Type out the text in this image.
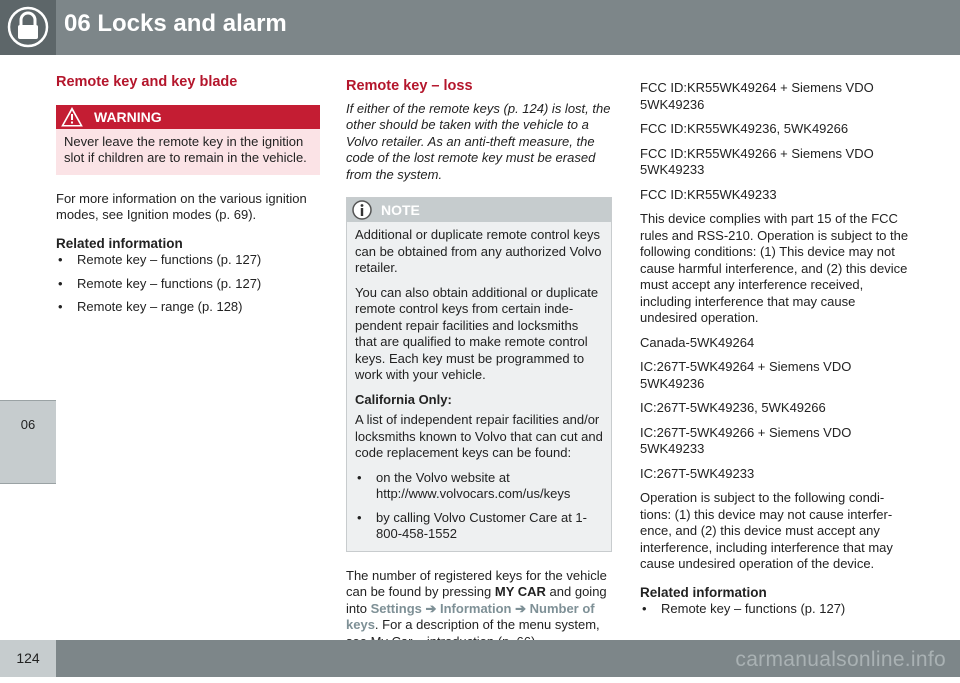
06 Locks and alarm
06
Remote key and key blade
WARNING
Never leave the remote key in the ignition slot if children are to remain in the vehicle.

For more information on the various ignition modes, see Ignition modes (p. 69).

Related information
• Remote key – functions (p. 127)
• Remote key – functions (p. 127)
• Remote key – range (p. 128)
Remote key – loss

If either of the remote keys (p. 124) is lost, the other should be taken with the vehicle to a Volvo retailer. As an anti-theft measure, the code of the lost remote key must be erased from the system.

NOTE

Additional or duplicate remote control keys can be obtained from any authorized Volvo retailer.

You can also obtain additional or duplicate remote control keys from certain inde-pendent repair facilities and locksmiths that are qualified to make remote control keys. Each key must be programmed to work with your vehicle.

California Only:

A list of independent repair facilities and/or locksmiths known to Volvo that can cut and code replacement keys can be found:

• on the Volvo website at http://www.volvocars.com/us/keys
• by calling Volvo Customer Care at 1-800-458-1552

The number of registered keys for the vehicle can be found by pressing MY CAR and going into Settings ➔ Information ➔ Number of keys. For a description of the menu system,

FCC ID:KR55WK49264 + Siemens VDO 5WK49236

FCC ID:KR55WK49236, 5WK49266

FCC ID:KR55WK49266 + Siemens VDO 5WK49233

FCC ID:KR55WK49233

This device complies with part 15 of the FCC rules and RSS-210. Operation is subject to the following conditions: (1) This device may not cause harmful interference, and (2) this device must accept any interference received, including interference that may cause undesired operation.

Canada-5WK49264

IC:267T-5WK49264 + Siemens VDO 5WK49236

IC:267T-5WK49236, 5WK49266

IC:267T-5WK49266 + Siemens VDO 5WK49233

IC:267T-5WK49233

Operation is subject to the following condi-tions: (1) this device may not cause interfer-ence, and (2) this device must accept any interference, including interference that may cause undesired operation of the device.

Related information
• Remote key – functions (p. 127)
124	carmanualsonline.info
